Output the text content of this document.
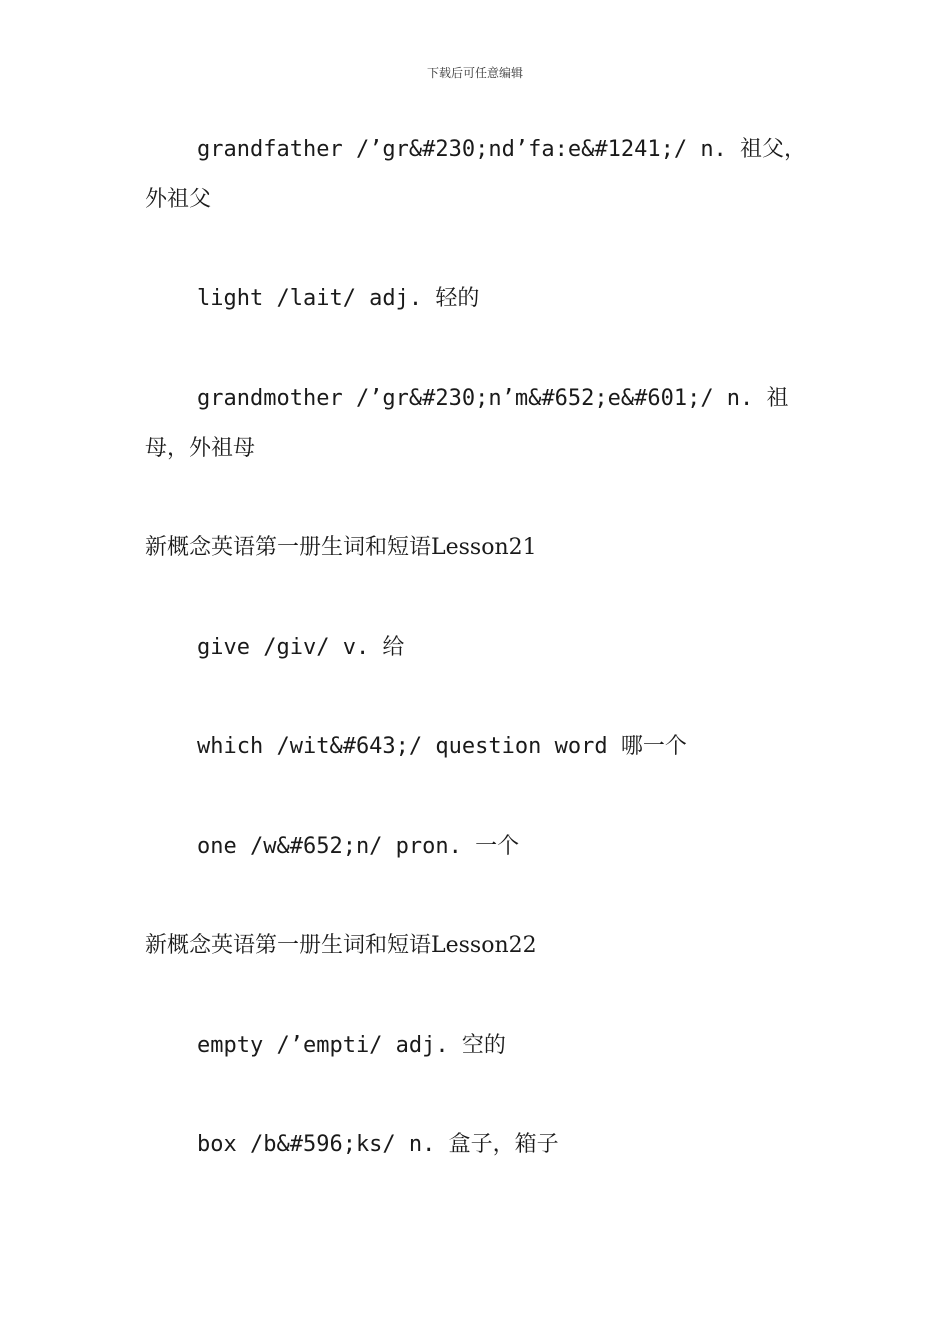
下载后可任意编辑
grandfather /’gr&#230;nd’fa:e&#1241;/ n. 祖父，
外祖父
light /lait/ adj. 轻的
grandmother /’gr&#230;n’m&#652;e&#601;/ n. 祖
母，外祖母
新概念英语第一册生词和短语Lesson21
give /giv/ v. 给
which /wit&#643;/ question word 哪一个
one /w&#652;n/ pron. 一个
新概念英语第一册生词和短语Lesson22
empty /’empti/ adj. 空的
box /b&#596;ks/ n. 盒子，箱子
